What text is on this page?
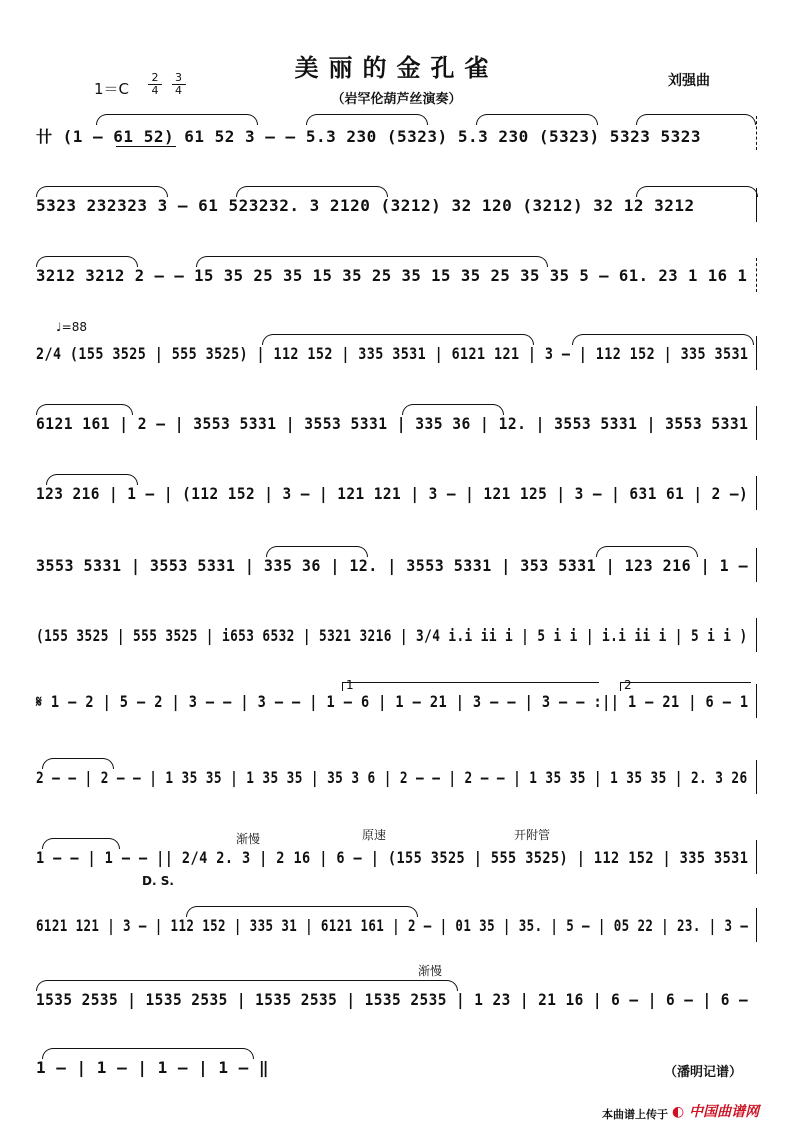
美丽的金孔雀
（岩罕伦葫芦丝演奏）
刘强曲
$1=C \frac{2}{4}$
$\frac{3}{4}$
卄 (1 – 61 52) 61 52 3 – – 5.3 230 (5323) 5.3 230 (5323) 5323 5323
5323 232323 3 – 61 523232. 3 2120 (3212) 32 120 (3212) 32 12 3212
3212 3212 2 – – 15 35 25 35 15 35 25 35 15 35 25 35 35 5 – 61. 23 1 16 1
♩=88
2/4 (155 3525 | 555 3525) | 112 152 | 335 3531 | 6121 121 | 3 – | 112 152 | 335 3531
6121 161 | 2 – | 3553 5331 | 3553 5331 | 335 36 | 12. | 3553 5331 | 3553 5331
123 216 | 1 – | (112 152 | 3 – | 121 121 | 3 – | 121 125 | 3 – | 631 61 | 2 –)
3553 5331 | 3553 5331 | 335 36 | 12. | 3553 5331 | 353 5331 | 123 216 | 1 –
(155 3525 | 555 3525 | i653 6532 | 5321 3216 | 3/4 i.i ii i | 5 i i | i.i ii i | 5 i i )
1	2
𝄋 1 – 2 | 5 – 2 | 3 – – | 3 – – | 1 – 6 | 1 – 21 | 3 – – | 3 – – :|| 1 – 21 | 6 – 1
2 – – | 2 – – | 1 35 35 | 1 35 35 | 35 3 6 | 2 – – | 2 – – | 1 35 35 | 1 35 35 | 2. 3 26
渐慢	原速	开附管
1 – – | 1 – – || 2/4 2. 3 | 2 16 | 6 – | (155 3525 | 555 3525) | 112 152 | 335 3531
D. S.
6121 121 | 3 – | 112 152 | 335 31 | 6121 161 | 2 – | 01 35 | 35. | 5 – | 05 22 | 23. | 3 –
渐慢
1535 2535 | 1535 2535 | 1535 2535 | 1535 2535 | 1 23 | 21 16 | 6 – | 6 – | 6 –
1 – | 1 – | 1 – | 1 – ‖	（潘明记谱）
本曲谱上传于 ◐ 中国曲谱网
